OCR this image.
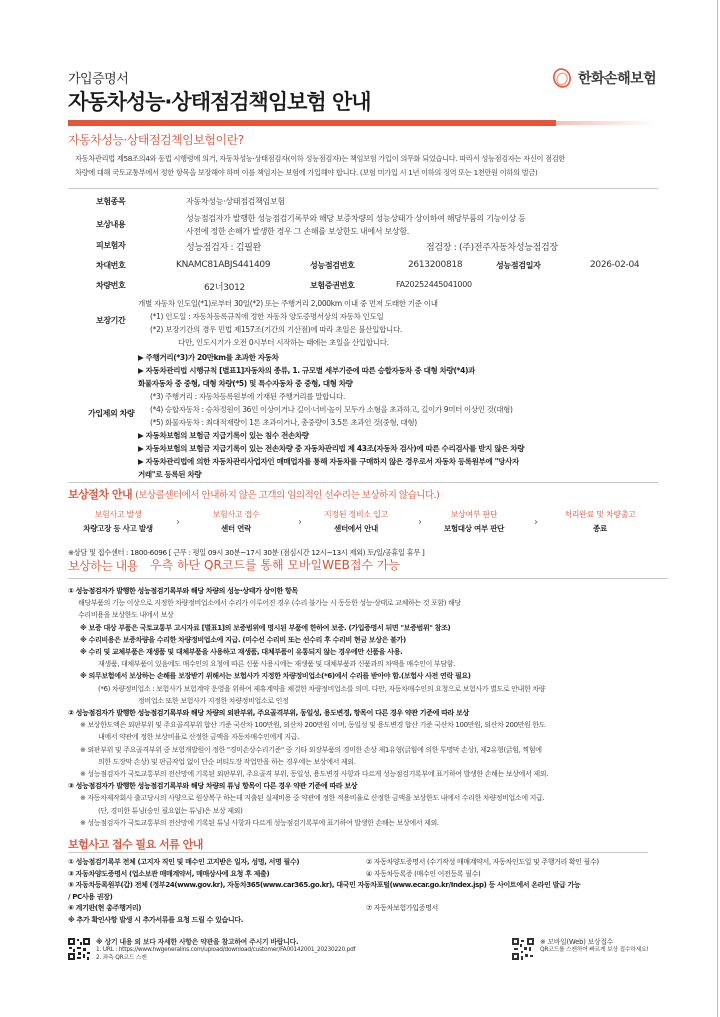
가입증명서
자동차성능·상태점검책임보험 안내
한화손해보험
자동차성능·상태점검책임보험이란?
자동차관리법 제58조의4와 동법 시행령에 의거, 자동차성능·상태점검자(이하 성능점검자)는 책임보험 가입이 의무화 되었습니다. 따라서 성능점검자는 자신이 점검한
차량에 대해 국토교통부에서 정한 항목을 보장해야 하며 이를 책임지는 보험에 가입해야 합니다. (보험 미가입 시 1년 이하의 징역 또는 1천만원 이하의 벌금)
보험종목	자동차성능·상태점검책임보험
보상내용
성능점검자가 발행한 성능점검기록부와 해당 보증차량의 성능상태가 상이하여 해당부품의 기능이상 등
사전에 정한 손해가 발생한 경우 그 손해를 보상한도 내에서 보상함.
피보험자	성능점검자 : 김필완	점검장 : (주)전주자동차성능점검장
차대번호	KNAMC81ABJS441409	성능점검번호	2613200818	성능점검일자	2026-02-04
차량번호	62너3012	보험증권번호	FA20252445041000
보장기간
가입제외 차량
개별 자동차 인도일(*1)로부터 30일(*2) 또는 주행거리 2,000km 이내 중 먼저 도래한 기준 이내
(*1) 인도일 : 자동차등록규칙에 정한 자동차 양도증명서상의 자동차 인도일
(*2) 보장기간의 경우 민법 제157조(기간의 기산점)에 따라 초일은 불산입합니다.
다만, 인도시기가 오전 0시부터 시작하는 때에는 초일을 산입합니다.
▶ 주행거리(*3)가 20만km를 초과한 자동차
▶ 자동차관리법 시행규칙 [별표1]자동차의 종류, 1. 규모별 세부기준에 따른 승합자동차 중 대형 차량(*4)과
화물자동차 중 중형, 대형 차량(*5) 및 특수자동차 중 중형, 대형 차량
(*3) 주행거리 : 자동차등록원부에 기재된 주행거리를 말합니다.
(*4) 승합자동차 : 승차정원이 36인 이상이거나 길이·너비·높이 모두가 소형을 초과하고, 길이가 9미터 이상인 것(대형)
(*5) 화물자동차 : 최대적재량이 1톤 초과이거나, 총중량이 3.5톤 초과인 것(중형, 대형)
▶ 자동차보험의 보험금 지급기록이 있는 침수 전손차량
▶ 자동차보험의 보험금 지급기록이 있는 전손차량 중 자동차관리법 제 43조(자동차 검사)에 따른 수리검사를 받지 않은 차량
▶ 자동차관리법에 의한 자동차관리사업자인 매매업자를 통해 자동차를 구매하지 않은 경우로서 자동차 등록원부에 "당사자
거래"로 등록된 차량
보상절차 안내 (보상콜센터에서 안내하지 않은 고객의 임의적인 선수리는 보상하지 않습니다.)
보험사고 발생
차량고장 등 사고 발생
›
보험사고 접수
센터 연락
›
지정된 정비소 입고
센터에서 안내
›
보상여부 판단
보험대상 여부 판단
›
처리완료 및 차량출고
종료
※상담 및 접수센터 : 1800-6096 [ 근무 : 평일 09시 30분~17시 30분 (점심시간 12시~13시 제외) 토/일/공휴일 휴무 ]
보상하는 내용 우측 하단 QR코드를 통해 모바일WEB접수 가능
① 성능점검자가 발행한 성능점검기록부와 해당 차량의 성능·상태가 상이한 항목
해당부품의 기능 이상으로 지정한 차량정비업소에서 수리가 이루어진 경우 (수리 불가능 시 동등한 성능·상태로 교체하는 것 포함) 해당
수리비용을 보상한도 내에서 보상
※ 보증 대상 부품은 국토교통부 고시자료 [별표1]의 보증범위에 명시된 부품에 한하여 보증. (가입증명서 뒤면 "보증범위" 참조)
※ 수리비용은 보증차량을 수리한 차량정비업소에 지급. (미수선 수리비 또는 선수리 후 수리비 현금 보상은 불가)
※ 수리 및 교체부품은 재생품 및 대체부품을 사용하고 재생품, 대체부품이 유통되지 않는 경우에만 신품을 사용.
재생품, 대체부품이 있음에도 매수인의 요청에 따른 신품 사용시에는 재생품 및 대체부품과 신품과의 차액을 매수인이 부담함.
※ 의무보험에서 보상하는 손해를 보장받기 위해서는 보험사가 지정한 차량정비업소(*6)에서 수리를 받아야 함.(보험사 사전 연락 필요)
(*6) 차량정비업소 : 보험사가 보험계약 운영을 위하여 제휴계약을 체결한 차량정비업소를 의미. 다만, 자동차매수인의 요청으로 보험사가 별도로 안내한 차량
정비업소 또한 보험사가 지정한 차량정비업소로 인정
② 성능점검자가 발행한 성능점검기록부와 해당 차량의 외판부위, 주요골격부위, 동일성, 용도변경, 항목이 다른 경우 약관 기준에 따라 보상
※ 보상한도액은 외판부위 및 주요골격부위 합산 기준 국산차 100만원, 외산차 200만원 이며, 동일성 및 용도변경 합산 기준 국산차 100만원, 외산차 200만원 한도
내에서 약관에 정한 보상비율로 산정한 금액을 자동차매수인에게 지급.
※ 외판부위 및 주요골격부위 중 보험개발원이 정한 "경미손상수리기준" 중 기타 외장부품의 경미한 손상 제1유형(긁힘에 의한 투명막 손상), 제2유형(긁힘, 찍힘에
의한 도장막 손상) 및 판금작업 없이 단순 퍼티도장 작업만을 하는 경우에는 보상에서 제외.
※ 성능점검자가 국토교통부의 전산망에 기록된 외판부위, 주요골격 부위, 동일성, 용도변경 사항과 다르게 성능점검기록부에 표기하여 발생한 손해는 보상에서 제외.
③ 성능점검자가 발행한 성능점검기록부와 해당 차량의 튜닝 항목이 다른 경우 약관 기준에 따라 보상
※ 자동차제작회사 출고당시의 사양으로 원상복구 하는데 지출된 실제비용 중 약관에 정한 적용비율로 산정한 금액을 보상한도 내에서 수리한 차량정비업소에 지급.
(단, 경미한 튜닝(승인 필요없는 튜닝)은 보상 제외)
※ 성능점검자가 국토교통부의 전산망에 기록된 튜닝 사항과 다르게 성능점검기록부에 표기하여 발생한 손해는 보상에서 제외.
보험사고 접수 필요 서류 안내
① 성능점검기록부 전체 (고지자 직인 및 매수인 고지받은 일자, 성명, 서명 필수)	② 자동차양도증명서 (수기작성 매매계약서, 자동차인도일 및 주행거리 확인 필수)
③ 자동차양도증명서 (업소보관 매매계약서, 매매상사에 요청 후 제출)	④ 자동차등록증 (매수인 이전등록 필수)
⑤ 자동차등록원부(갑) 전체 (정부24(www.gov.kr), 자동차365(www.car365.go.kr), 대국민 자동차포털(www.ecar.go.kr/Index.jsp) 등 사이트에서 온라인 발급 가능
/ PC사용 권장)
⑥ 계기판(현 총주행거리)	⑦ 자동차보험가입증명서
※ 추가 확인사항 발생 시 추가서류를 요청 드릴 수 있습니다.
※ 상기 내용 외 보다 자세한 사항은 약관을 참고하여 주시기 바랍니다.
1. URL : https://www.hwgeneralins.com/upload/download/customer/FA00142001_20230220.pdf
2. 좌측 QR코드 스캔
※ 모바일(Web) 보상접수
QR코드를 스캔하여 빠르게 보상 접수하세요!
